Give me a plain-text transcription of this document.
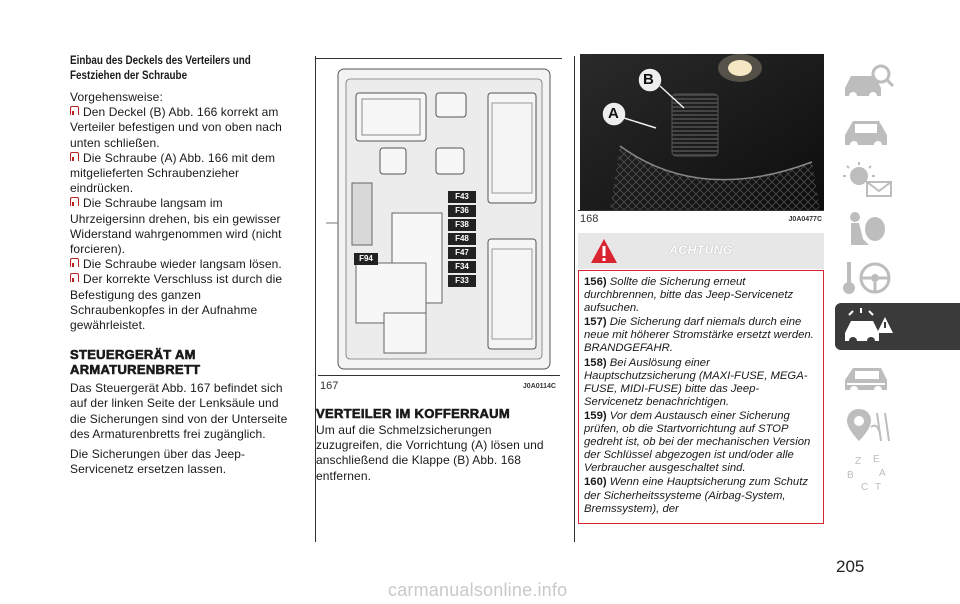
Einbau des Deckels des Verteilers und Festziehen der Schraube
Vorgehensweise:
Den Deckel (B) Abb. 166 korrekt am Verteiler befestigen und von oben nach unten schließen.
Die Schraube (A) Abb. 166 mit dem mitgelieferten Schraubenzieher eindrücken.
Die Schraube langsam im Uhrzeigersinn drehen, bis ein gewisser Widerstand wahrgenommen wird (nicht forcieren).
Die Schraube wieder langsam lösen.
Der korrekte Verschluss ist durch die Befestigung des ganzen Schraubenkopfes in der Aufnahme gewährleistet.
STEUERGERÄT AM ARMATURENBRETT
Das Steuergerät Abb. 167 befindet sich auf der linken Seite der Lenksäule und die Sicherungen sind von der Unterseite des Armaturenbretts frei zugänglich.
Die Sicherungen über das Jeep-Servicenetz ersetzen lassen.
F43
F36
F38
F48
F47
F34
F33
F94
167	J0A0114C
VERTEILER IM KOFFERRAUM
Um auf die Schmelzsicherungen zuzugreifen, die Vorrichtung (A) lösen und anschließend die Klappe (B) Abb. 168 entfernen.
B
A
168	J0A0477C
ACHTUNG
156) Sollte die Sicherung erneut durchbrennen, bitte das Jeep-Servicenetz aufsuchen.
157) Die Sicherung darf niemals durch eine neue mit höherer Stromstärke ersetzt werden. BRANDGEFAHR.
158) Bei Auslösung einer Hauptschutzsicherung (MAXI-FUSE, MEGA-FUSE, MIDI-FUSE) bitte das Jeep-Servicenetz benachrichtigen.
159) Vor dem Austausch einer Sicherung prüfen, ob die Startvorrichtung auf STOP gedreht ist, ob bei der mechanischen Version der Schlüssel abgezogen ist und/oder alle Verbraucher ausgeschaltet sind.
160) Wenn eine Hauptsicherung zum Schutz der Sicherheitssysteme (Airbag-System, Bremssystem), der
Z E
B
C T
A
205
carmanualsonline.info
